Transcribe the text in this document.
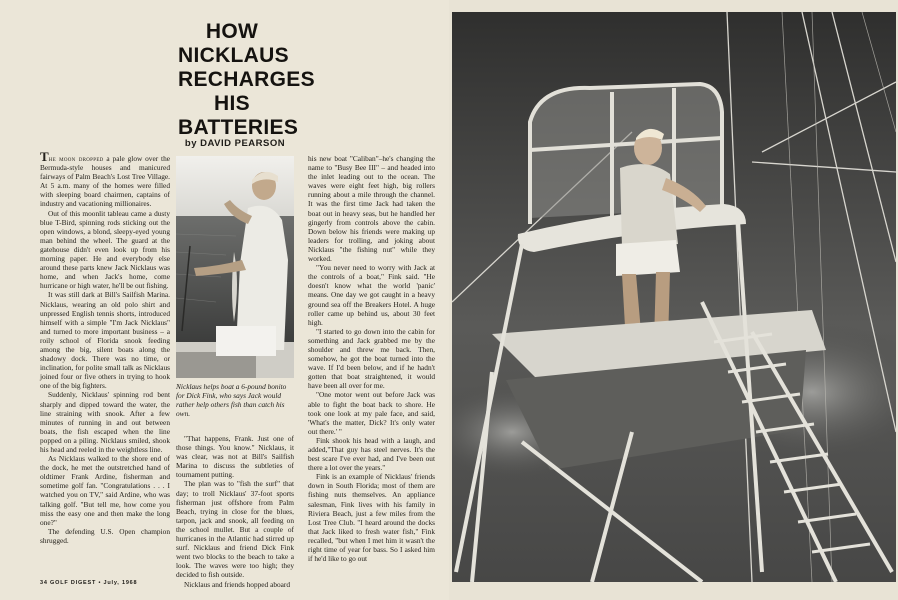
HOW
NICKLAUS
RECHARGES
HIS
BATTERIES
by DAVID PEARSON

The moon dropped a pale glow over the Bermuda-style houses and manicured fairways of Palm Beach's Lost Tree Village. At 5 a.m. many of the homes were filled with sleeping board chairmen, captains of industry and vacationing millionaires.

Out of this moonlit tableau came a dusty blue T-Bird, spinning rods sticking out the open windows, a blond, sleepy-eyed young man behind the wheel. The guard at the gatehouse didn't even look up from his morning paper. He and everybody else around these parts knew Jack Nicklaus was home, and when Jack's home, come hurricane or high water, he'll be out fishing.

It was still dark at Bill's Sailfish Marina. Nicklaus, wearing an old polo shirt and unpressed English tennis shorts, introduced himself with a simple "I'm Jack Nicklaus" and turned to more important business – a roily school of Florida snook feeding among the big, silent boats along the shadowy dock. There was no time, or inclination, for polite small talk as Nicklaus joined four or five others in trying to hook one of the big fighters.

Suddenly, Nicklaus' spinning rod bent sharply and dipped toward the water, the line straining with snook. After a few minutes of running in and out between boats, the fish escaped when the line popped on a piling. Nicklaus smiled, shook his head and reeled in the weightless line.

As Nicklaus walked to the shore end of the dock, he met the outstretched hand of oldtimer Frank Ardine, fisherman and sometime golf fan. "Congratulations . . . I watched you on TV," said Ardine, who was talking golf. "But tell me, how come you miss the easy one and then make the long one?"

The defending U.S. Open champion shrugged.

Nicklaus helps boat a 6-pound bonito for Dick Fink, who says Jack would rather help others fish than catch his own.

"That happens, Frank. Just one of those things. You know." Nicklaus, it was clear, was not at Bill's Sailfish Marina to discuss the subtleties of tournament putting.

The plan was to "fish the surf" that day; to troll Nicklaus' 37-foot sports fisherman just offshore from Palm Beach, trying in close for the blues, tarpon, jack and snook, all feeding on the school mullet. But a couple of hurricanes in the Atlantic had stirred up surf. Nicklaus and friend Dick Fink went two blocks to the beach to take a look. The waves were too high; they decided to fish outside.

Nicklaus and friends hopped aboard

his new boat "Caliban"–he's changing the name to "Busy Bee III" – and headed into the inlet leading out to the ocean. The waves were eight feet high, big rollers running about a mile through the channel. It was the first time Jack had taken the boat out in heavy seas, but he handled her gingerly from controls above the cabin. Down below his friends were making up leaders for trolling, and joking about Nicklaus "the fishing nut" while they worked.

"You never need to worry with Jack at the controls of a boat," Fink said. "He doesn't know what the world 'panic' means. One day we got caught in a heavy ground sea off the Breakers Hotel. A huge roller came up behind us, about 30 feet high.

"I started to go down into the cabin for something and Jack grabbed me by the shoulder and threw me back. Then, somehow, he got the boat turned into the wave. If I'd been below, and if he hadn't gotten that boat straightened, it would have been all over for me.

"One motor went out before Jack was able to fight the boat back to shore. He took one look at my pale face, and said, 'What's the matter, Dick? It's only water out there.' "

Fink shook his head with a laugh, and added,"That guy has steel nerves. It's the best scare I've ever had, and I've been out there a lot over the years."

Fink is an example of Nicklaus' friends down in South Florida; most of them are fishing nuts themselves. An appliance salesman, Fink lives with his family in Riviera Beach, just a few miles from the Lost Tree Club. "I heard around the docks that Jack liked to fresh water fish," Fink recalled, "but when I met him it wasn't the right time of year for bass. So I asked him if he'd like to go out

34 GOLF DIGEST • July, 1968
